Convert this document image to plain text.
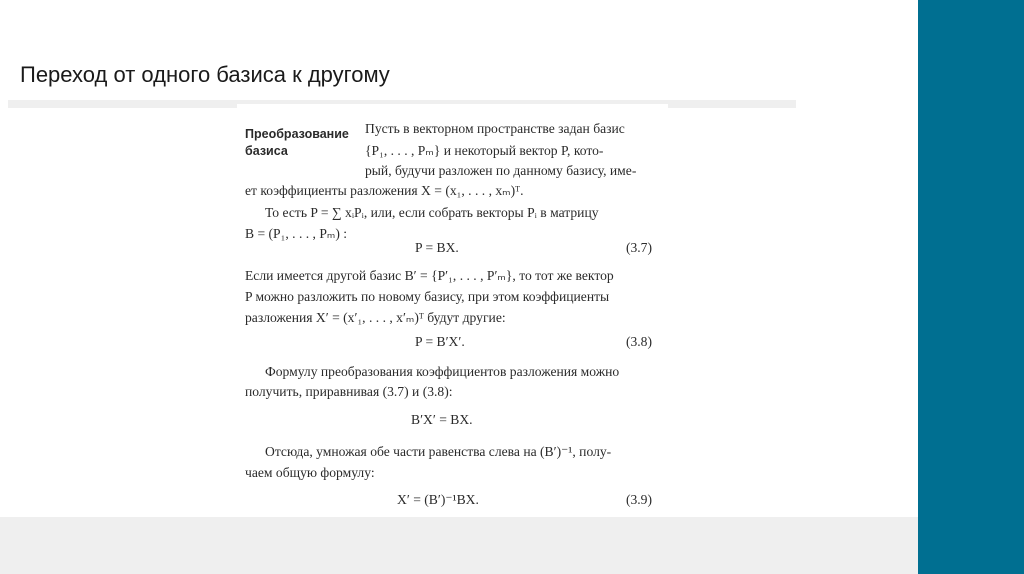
Переход от одного базиса к другому
Преобразование
базиса
Пусть в векторном пространстве задан базис
{P₁, . . . , Pₘ} и некоторый вектор P, кото-
рый, будучи разложен по данному базису, име-
ет коэффициенты разложения X = (x₁, . . . , xₘ)ᵀ.
То есть P = ∑ xᵢPᵢ, или, если собрать векторы Pᵢ в матрицу
B = (P₁, . . . , Pₘ) :
P = BX.	(3.7)
Если имеется другой базис B′ = {P′₁, . . . , P′ₘ}, то тот же вектор
P можно разложить по новому базису, при этом коэффициенты
разложения X′ = (x′₁, . . . , x′ₘ)ᵀ будут другие:
P = B′X′.	(3.8)
Формулу преобразования коэффициентов разложения можно
получить, приравнивая (3.7) и (3.8):
B′X′ = BX.
Отсюда, умножая обе части равенства слева на (B′)⁻¹, полу-
чаем общую формулу:
X′ = (B′)⁻¹BX.	(3.9)
